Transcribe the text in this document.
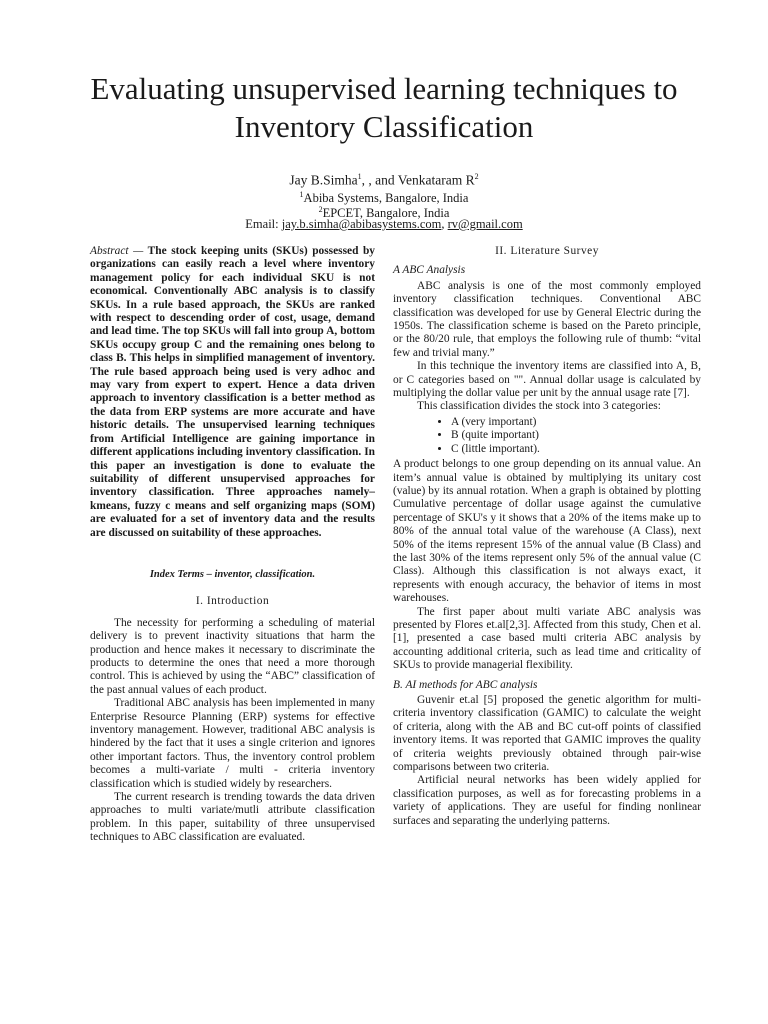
Evaluating unsupervised learning techniques to Inventory Classification
Jay B.Simha$^1$, , and Venkataram $R^2$
$^1$Abiba Systems, Bangalore, India
$^2$EPCET, Bangalore, India
Email: jay.b.simha@abibasystems.com, rv@gmail.com

Abstract — The stock keeping units (SKUs) possessed by organizations can easily reach a level where inventory management policy for each individual SKU is not economical. Conventionally ABC analysis is to classify SKUs. In a rule based approach, the SKUs are ranked with respect to descending order of cost, usage, demand and lead time. The top SKUs will fall into group A, bottom SKUs occupy group C and the remaining ones belong to class B. This helps in simplified management of inventory. The rule based approach being used is very adhoc and may vary from expert to expert. Hence a data driven approach to inventory classification is a better method as the data from ERP systems are more accurate and have historic details. The unsupervised learning techniques from Artificial Intelligence are gaining importance in different applications including inventory classification. In this paper an investigation is done to evaluate the suitability of different unsupervised approaches for inventory classification. Three approaches namely– kmeans, fuzzy c means and self organizing maps (SOM) are evaluated for a set of inventory data and the results are discussed on suitability of these approaches.

Index Terms – inventor, classification.
I. Introduction

The necessity for performing a scheduling of material delivery is to prevent inactivity situations that harm the production and hence makes it necessary to discriminate the products to determine the ones that need a more thorough control. This is achieved by using the “ABC” classification of the past annual values of each product.

Traditional ABC analysis has been implemented in many Enterprise Resource Planning (ERP) systems for effective inventory management. However, traditional ABC analysis is hindered by the fact that it uses a single criterion and ignores other important factors. Thus, the inventory control problem becomes a multi-variate / multi - criteria inventory classification which is studied widely by researchers.

The current research is trending towards the data driven approaches to multi variate/mutli attribute classification problem. In this paper, suitability of three unsupervised techniques to ABC classification are evaluated.

II. Literature Survey
A ABC Analysis

ABC analysis is one of the most commonly employed inventory classification techniques. Conventional ABC classification was developed for use by General Electric during the 1950s. The classification scheme is based on the Pareto principle, or the 80/20 rule, that employs the following rule of thumb: “vital few and trivial many.”

In this technique the inventory items are classified into A, B, or C categories based on "". Annual dollar usage is calculated by multiplying the dollar value per unit by the annual usage rate [7].

This classification divides the stock into 3 categories:

• A (very important)
• B (quite important)
• C (little important).

A product belongs to one group depending on its annual value. An item’s annual value is obtained by multiplying its unitary cost (value) by its annual rotation. When a graph is obtained by plotting Cumulative percentage of dollar usage against the cumulative percentage of SKU's y it shows that a 20% of the items make up to 80% of the annual total value of the warehouse (A Class), next 50% of the items represent 15% of the annual value (B Class) and the last 30% of the items represent only 5% of the annual value (C Class). Although this classification is not always exact, it represents with enough accuracy, the behavior of items in most warehouses.

The first paper about multi variate ABC analysis was presented by Flores et.al[2,3]. Affected from this study, Chen et al.[1], presented a case based multi criteria ABC analysis by accounting additional criteria, such as lead time and criticality of SKUs to provide managerial flexibility.

B. AI methods for ABC analysis

Guvenir et.al [5] proposed the genetic algorithm for multi-criteria inventory classification (GAMIC) to calculate the weight of criteria, along with the AB and BC cut-off points of classified inventory items. It was reported that GAMIC improves the quality of criteria weights previously obtained through pair-wise comparisons between two criteria.

Artificial neural networks has been widely applied for classification purposes, as well as for forecasting problems in a variety of applications. They are useful for finding nonlinear surfaces and separating the underlying patterns.
